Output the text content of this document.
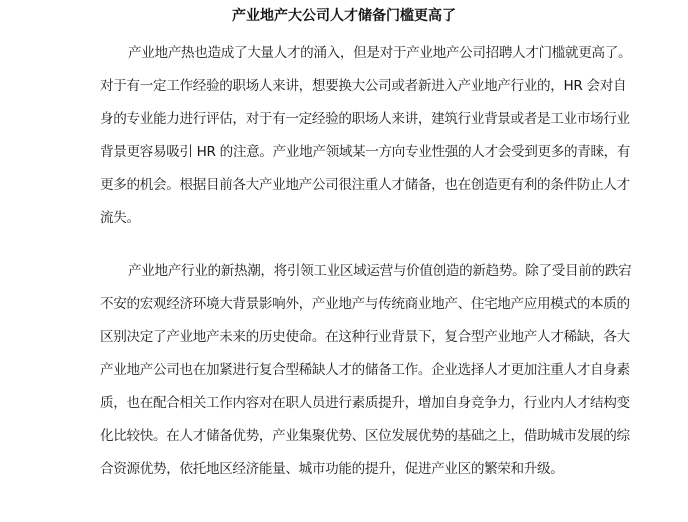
产业地产大公司人才储备门槛更高了
产业地产热也造成了大量人才的涌入，但是对于产业地产公司招聘人才门槛就更高了。
对于有一定工作经验的职场人来讲，想要换大公司或者新进入产业地产行业的，HR 会对自
身的专业能力进行评估，对于有一定经验的职场人来讲，建筑行业背景或者是工业市场行业
背景更容易吸引 HR 的注意。产业地产领域某一方向专业性强的人才会受到更多的青睐，有
更多的机会。根据目前各大产业地产公司很注重人才储备，也在创造更有利的条件防止人才
流失。
产业地产行业的新热潮，将引领工业区域运营与价值创造的新趋势。除了受目前的跌宕
不安的宏观经济环境大背景影响外，产业地产与传统商业地产、住宅地产应用模式的本质的
区别决定了产业地产未来的历史使命。在这种行业背景下，复合型产业地产人才稀缺，各大
产业地产公司也在加紧进行复合型稀缺人才的储备工作。企业选择人才更加注重人才自身素
质，也在配合相关工作内容对在职人员进行素质提升，增加自身竞争力，行业内人才结构变
化比较快。在人才储备优势，产业集聚优势、区位发展优势的基础之上，借助城市发展的综
合资源优势，依托地区经济能量、城市功能的提升，促进产业区的繁荣和升级。
